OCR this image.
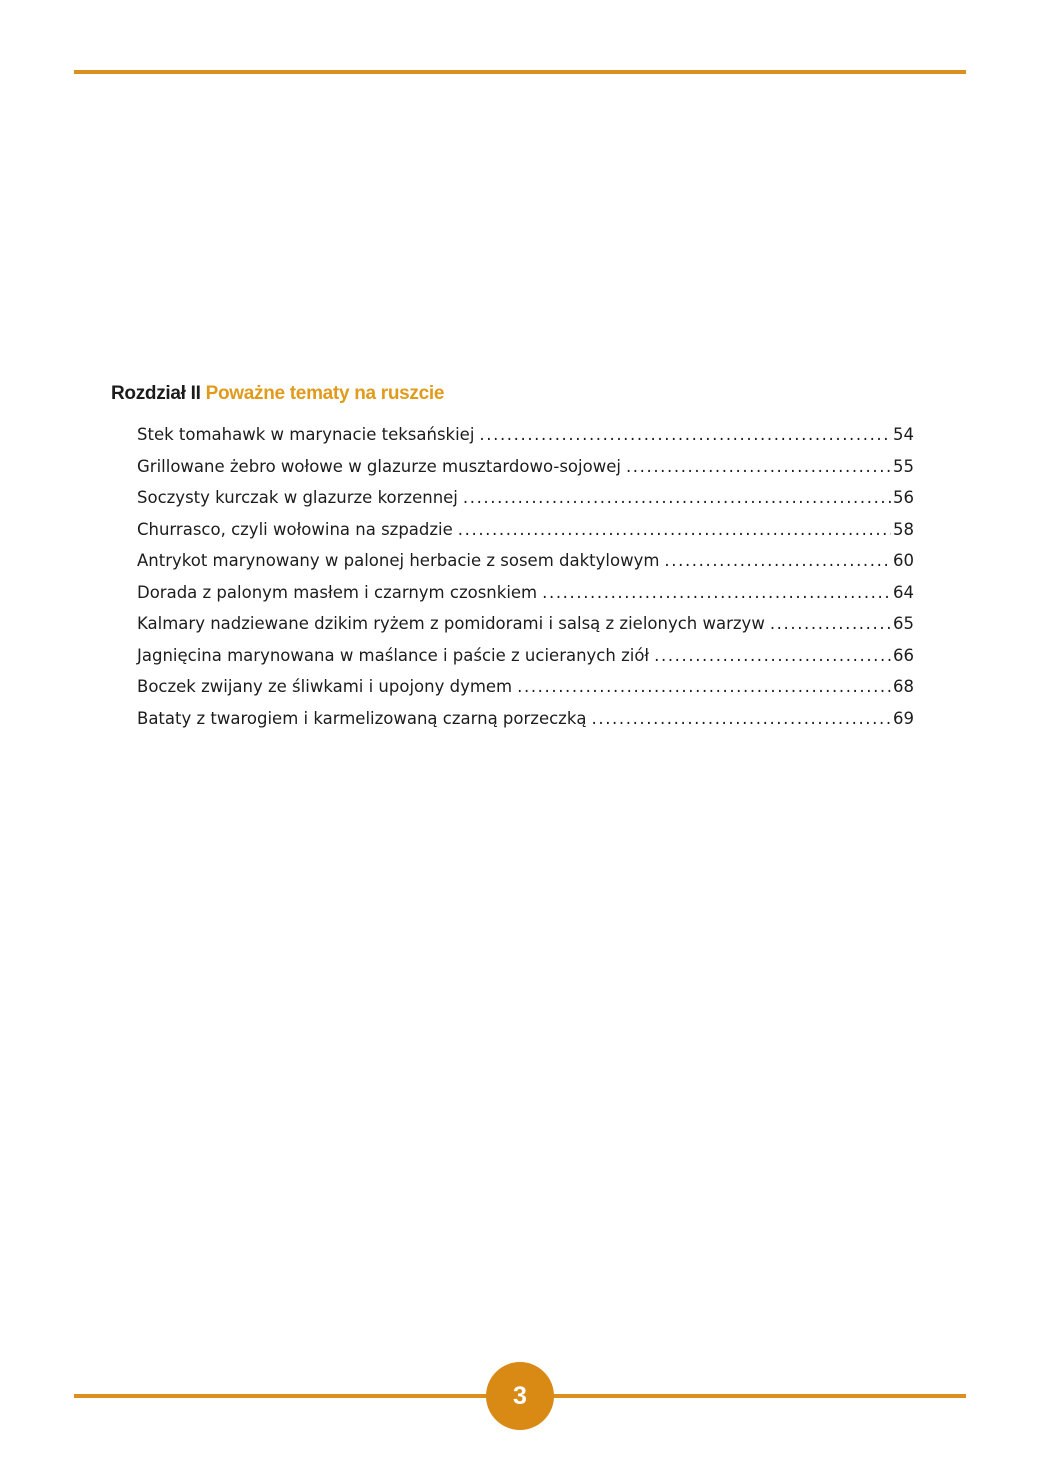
Rozdział II Poważne tematy na ruszcie
Stek tomahawk w marynacie teksańskiej .....	54
Grillowane żebro wołowe w glazurze musztardowo-sojowej .....	55
Soczysty kurczak w glazurze korzennej .....	56
Churrasco, czyli wołowina na szpadzie .....	58
Antrykot marynowany w palonej herbacie z sosem daktylowym .....	60
Dorada z palonym masłem i czarnym czosnkiem .....	64
Kalmary nadziewane dzikim ryżem z pomidorami i salsą z zielonych warzyw .....	65
Jagnięcina marynowana w maślance i paście z ucieranych ziół .....	66
Boczek zwijany ze śliwkami i upojony dymem .....	68
Bataty z twarogiem i karmelizowaną czarną porzeczką .....	69
3
